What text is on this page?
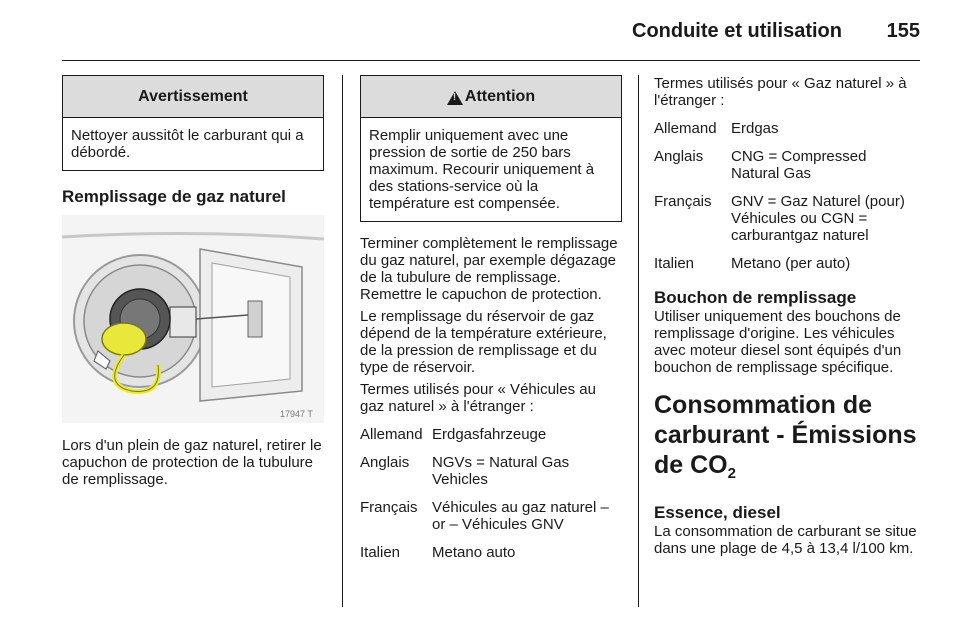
Conduite et utilisation 155
Avertissement
Nettoyer aussitôt le carburant qui a débordé.
Remplissage de gaz naturel
17947 T
Lors d'un plein de gaz naturel, retirer le capuchon de protection de la tubulure de remplissage.
!
Attention
Remplir uniquement avec une pression de sortie de 250 bars maximum. Recourir uniquement à des stations-service où la température est compensée.
Terminer complètement le remplissage du gaz naturel, par exemple dégazage de la tubulure de remplissage. Remettre le capuchon de protection.
Le remplissage du réservoir de gaz dépend de la température extérieure, de la pression de remplissage et du type de réservoir.
Termes utilisés pour « Véhicules au gaz naturel » à l'étranger :
Allemand Erdgasfahrzeuge
Anglais	NGVs = Natural Gas Vehicles
Français Véhicules au gaz naturel – or – Véhicules GNV
Italien	Metano auto
Termes utilisés pour « Gaz naturel » à l'étranger :
Allemand Erdgas
Anglais	CNG = Compressed Natural Gas
Français	GNV = Gaz Naturel (pour) Véhicules ou CGN = carburantgaz naturel
Italien	Metano (per auto)
Bouchon de remplissage
Utiliser uniquement des bouchons de remplissage d'origine. Les véhicules avec moteur diesel sont équipés d'un bouchon de remplissage spécifique.
Consommation de carburant - Émissions de $CO_2$
Essence, diesel
La consommation de carburant se situe dans une plage de 4,5 à 13,4 l/100 km.
